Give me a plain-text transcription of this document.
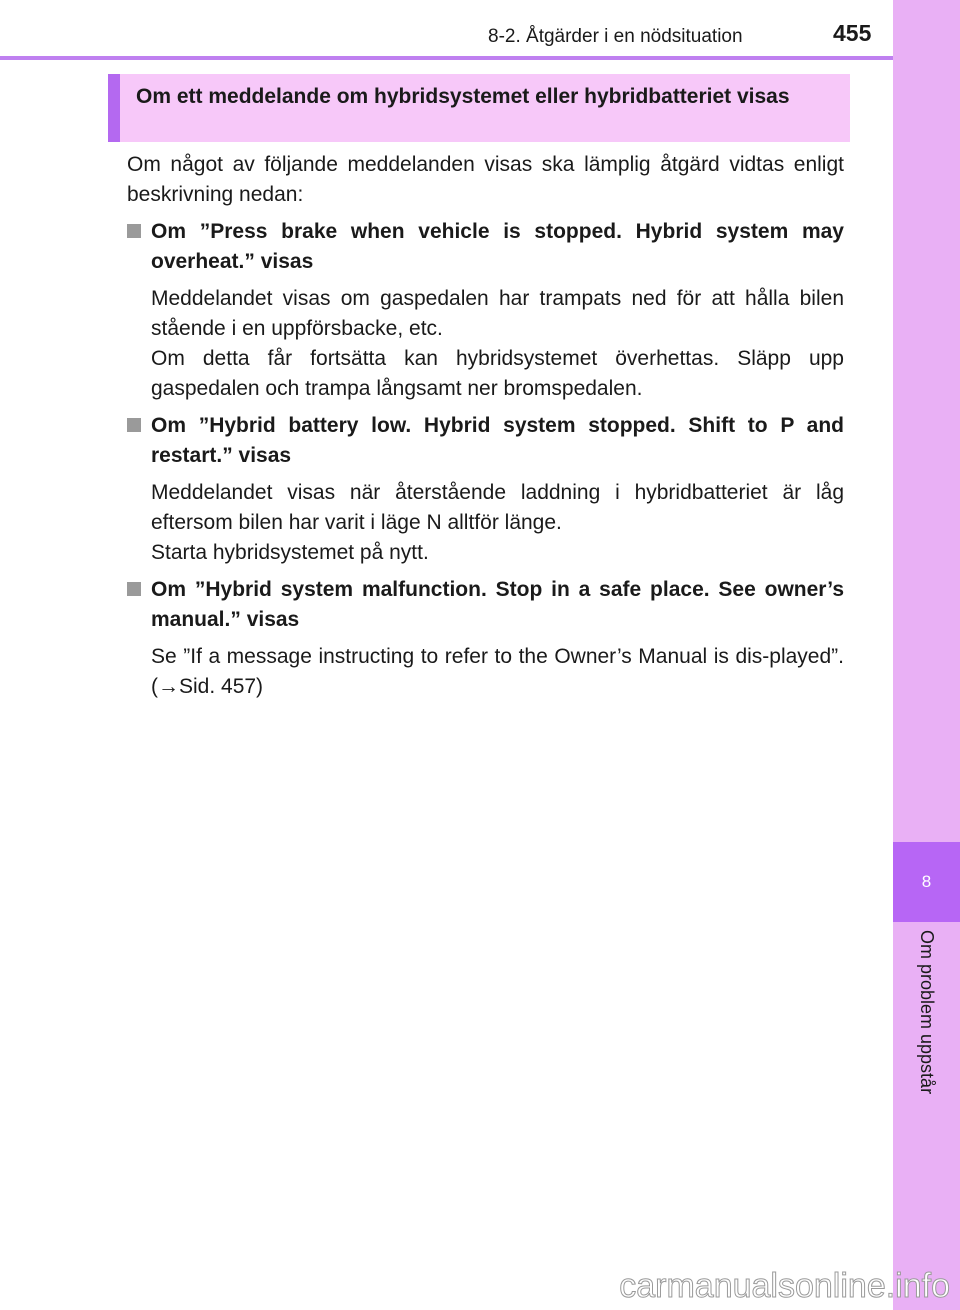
8
Om problem uppstår
8-2. Åtgärder i en nödsituation	455

Om ett meddelande om hybridsystemet eller hybridbatteriet visas

Om något av följande meddelanden visas ska lämplig åtgärd vidtas enligt beskrivning nedan:

Om ”Press brake when vehicle is stopped. Hybrid system may overheat.” visas

Meddelandet visas om gaspedalen har trampats ned för att hålla bilen stående i en uppförsbacke, etc.

Om detta får fortsätta kan hybridsystemet överhettas. Släpp upp gaspedalen och trampa långsamt ner bromspedalen.

Om ”Hybrid battery low. Hybrid system stopped. Shift to P and restart.” visas

Meddelandet visas när återstående laddning i hybridbatteriet är låg eftersom bilen har varit i läge N alltför länge.

Starta hybridsystemet på nytt.

Om ”Hybrid system malfunction. Stop in a safe place. See owner’s manual.” visas

Se ”If a message instructing to refer to the Owner’s Manual is dis-played”. (→Sid. 457)

carmanualsonline.info
